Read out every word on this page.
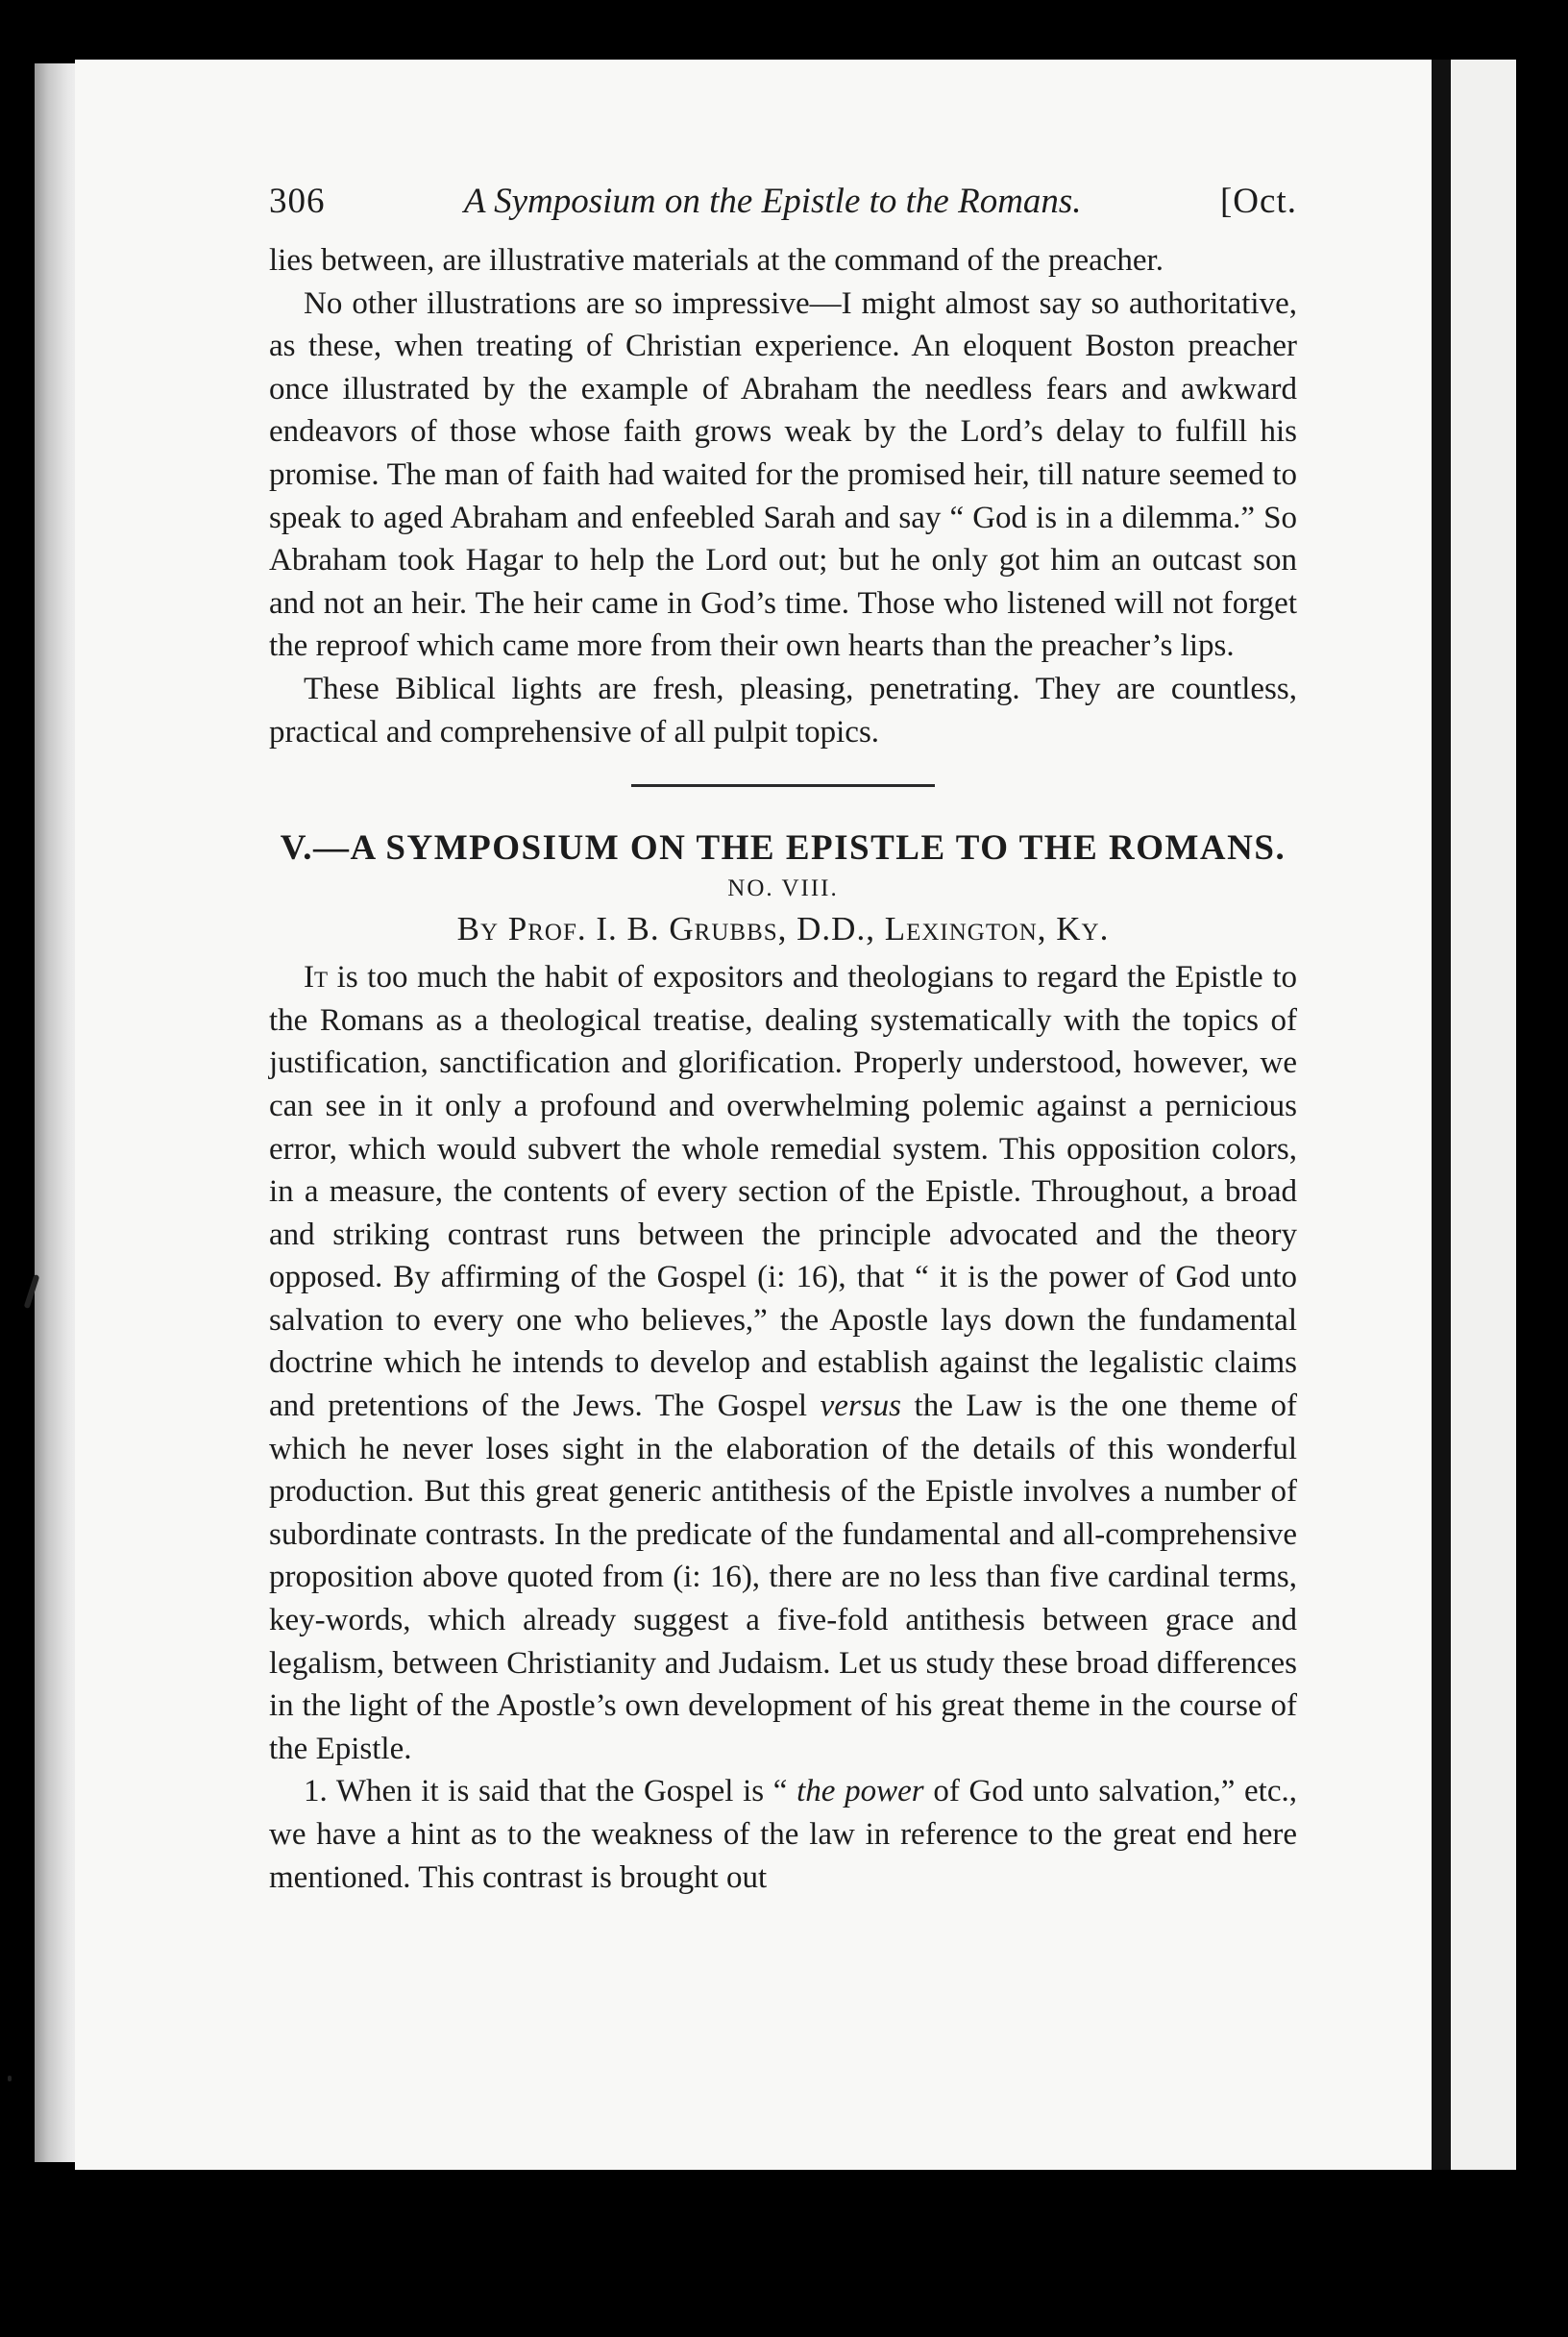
306	A Symposium on the Epistle to the Romans.	[Oct.

lies between, are illustrative materials at the command of the preacher.

No other illustrations are so impressive—I might almost say so authoritative, as these, when treating of Christian experience. An eloquent Boston preacher once illustrated by the example of Abraham the needless fears and awkward endeavors of those whose faith grows weak by the Lord’s delay to fulfill his promise. The man of faith had waited for the promised heir, till nature seemed to speak to aged Abraham and enfeebled Sarah and say “ God is in a dilemma.” So Abraham took Hagar to help the Lord out; but he only got him an outcast son and not an heir. The heir came in God’s time. Those who listened will not forget the reproof which came more from their own hearts than the preacher’s lips.

These Biblical lights are fresh, pleasing, penetrating. They are countless, practical and comprehensive of all pulpit topics.

V.—A SYMPOSIUM ON THE EPISTLE TO THE ROMANS.
NO. VIII.
By Prof. I. B. Grubbs, D.D., Lexington, Ky.

It is too much the habit of expositors and theologians to regard the Epistle to the Romans as a theological treatise, dealing systematically with the topics of justification, sanctification and glorification. Properly understood, however, we can see in it only a profound and overwhelming polemic against a pernicious error, which would subvert the whole remedial system. This opposition colors, in a measure, the contents of every section of the Epistle. Throughout, a broad and striking contrast runs between the principle advocated and the theory opposed. By affirming of the Gospel (i: 16), that “ it is the power of God unto salvation to every one who believes,” the Apostle lays down the fundamental doctrine which he intends to develop and establish against the legalistic claims and pretentions of the Jews. The Gospel versus the Law is the one theme of which he never loses sight in the elaboration of the details of this wonderful production. But this great generic antithesis of the Epistle involves a number of subordinate contrasts. In the predicate of the fundamental and all-comprehensive proposition above quoted from (i: 16), there are no less than five cardinal terms, key-words, which already suggest a five-fold antithesis between grace and legalism, between Christianity and Judaism. Let us study these broad differences in the light of the Apostle’s own development of his great theme in the course of the Epistle.

1. When it is said that the Gospel is “ the power of God unto salvation,” etc., we have a hint as to the weakness of the law in reference to the great end here mentioned. This contrast is brought out
